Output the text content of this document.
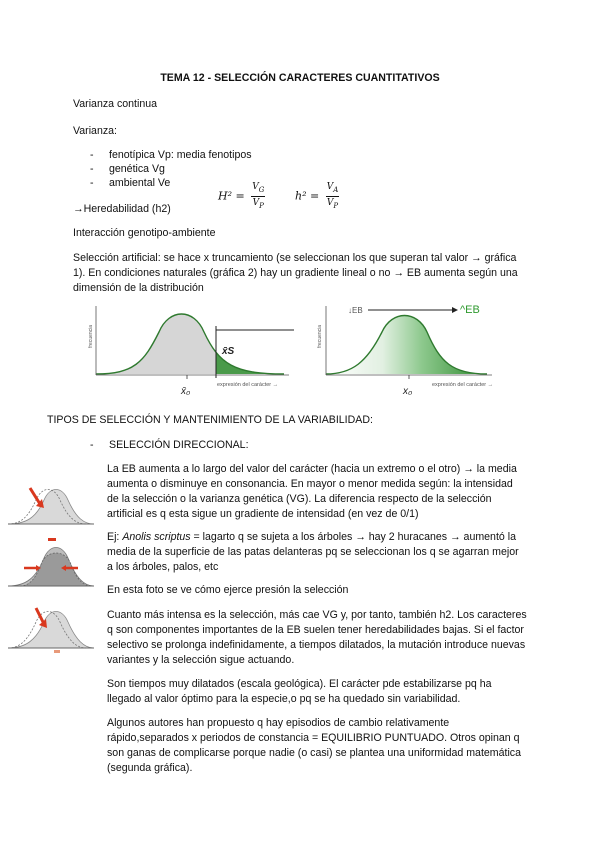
TEMA 12 - SELECCIÓN CARACTERES CUANTITATIVOS
Varianza continua
Varianza:
- fenotípica Vp: media fenotipos
- genética Vg
- ambiental Ve
$H^2 = \frac{V_G}{V_P}$	$h^2 = \frac{V_A}{V_P}$
→Heredabilidad (h2)
Interacción genotipo-ambiente
Selección artificial: se hace x truncamiento (se seleccionan los que superan tal valor → gráfica 1). En condiciones naturales (gráfica 2) hay un gradiente lineal o no → EB aumenta según una dimensión de la distribución
frecuencia
x̄S
x̄₀
expresión del carácter →
frecuencia
↓EB	^EB
x₀
expresión del carácter →
TIPOS DE SELECCIÓN Y MANTENIMIENTO DE LA VARIABILIDAD:
- SELECCIÓN DIRECCIONAL:
La EB aumenta a lo largo del valor del carácter (hacia un extremo o el otro) → la media aumenta o disminuye en consonancia. En mayor o menor medida según: la intensidad de la selección o la varianza genética (VG). La diferencia respecto de la selección artificial es q esta sigue un gradiente de intensidad (en vez de 0/1)
Ej: Anolis scriptus = lagarto q se sujeta a los árboles → hay 2 huracanes → aumentó la media de la superficie de las patas delanteras pq se seleccionan los q se agarran mejor a los árboles, palos, etc
En esta foto se ve cómo ejerce presión la selección
Cuanto más intensa es la selección, más cae VG y, por tanto, también h2. Los caracteres q son componentes importantes de la EB suelen tener heredabilidades bajas. Si el factor selectivo se prolonga indefinidamente, a tiempos dilatados, la mutación introduce nuevas variantes y la selección sigue actuando.
Son tiempos muy dilatados (escala geológica). El carácter pde estabilizarse pq ha llegado al valor óptimo para la especie,o pq se ha quedado sin variabilidad.
Algunos autores han propuesto q hay episodios de cambio relativamente rápido,separados x periodos de constancia = EQUILIBRIO PUNTUADO. Otros opinan q son ganas de complicarse porque nadie (o casi) se plantea una uniformidad matemática (segunda gráfica).
